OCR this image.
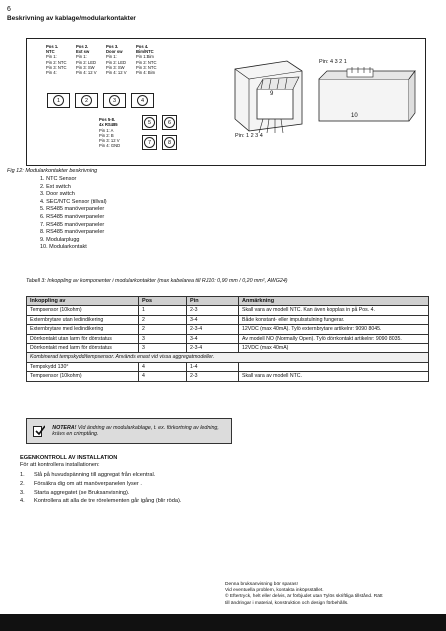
6
Beskrivning av kablage/modularkontakter
Pos 1.
NTC
Pin 1:
Pin 2: NTC
Pin 3: NTC
Pin 4:
Pos 2.
Ext sw
Pin 1:
Pin 2: LED
Pin 3: SW
Pin 4: 12 V
Pos 3.
Door sw
Pin 1:
Pin 2: LED
Pin 3: SW
Pin 4: 12 V
Pos 4.
Bim/NTC
Pin 1:Bim
Pin 2: NTC
Pin 3: NTC
Pin 4: Bim
1	2	3	4
Pos 5-8.
4x RS485
Pin 1: A
Pin 2: B
Pin 3: 12 V
Pin 4: GND
5	6
7	8
9
Pin: 1 2 3 4
10
Pin: 4 3 2 1
Fig 12: Modularkontakter beskrivning
1. NTC Sensor
2. Ext switch
3. Door switch
4. SEC/NTC Sensor (tillval)
5. RS485 manöverpaneler
6. RS485 manöverpaneler
7. RS485 manöverpaneler
8. RS485 manöverpaneler
9. Modularplugg
10. Modularkontakt
Tabell 3: Inkoppling av komponenter i modularkontakter (max kabelarea till RJ10: 0,90 mm / 0,20 mm², AWG24)
Inkoppling av	Pos	Pin	Anmärkning
Tempsensor (10kohm)	1	2-3	Skall vara av modell NTC. Kan även kopplas in på Pos. 4.
Externbrytare utan ledindikering	2	3-4	Både konstant- eller impulsstulning fungerar.
Externbrytare med ledindikering	2	2-3-4	12VDC (max 40mA). Tylö externbrytare artikelnr: 9090 8045.
Dörrkontakt utan larm för dörrstatus	3	3-4	Av modell NO (Normally Open). Tylö dörrkontakt artikelnr: 9090 8035.
Dörrkontakt med larm för dörrstatus	3	2-3-4	12VDC (max 40mA)
Kombinerad tempskydd/tempsensor. Används enast vid vissa aggregatmodeller.			
Tempskydd 130°	4	1-4	
Tempsensor (10kohm)	4	2-3	Skall vara av modell NTC.
NOTERA! Vid ändring av modularkablage, t. ex. förkortning av ledning, krävs en crimptång.
EGENKONTROLL AV INSTALLATION
För att kontrollera installationen:
1. Slå på huvudspänning till aggregat från elcentral.
2. Försäkra dig om att manöverpanelen lyser .
3. Starta aggregatet (se Bruksanvisning).
4. Kontrollera att alla de tre rörelementen går igång (blir röda).
Denna bruksanvisning bör sparas!
Vid eventuella problem, kontakta inköpsstället.
© Eftertryck, helt eller delvis, är förbjudet utan Tylös skriftliga tillstånd. Rätt
till ändringar i material, konstruktion och design förbehålls.
